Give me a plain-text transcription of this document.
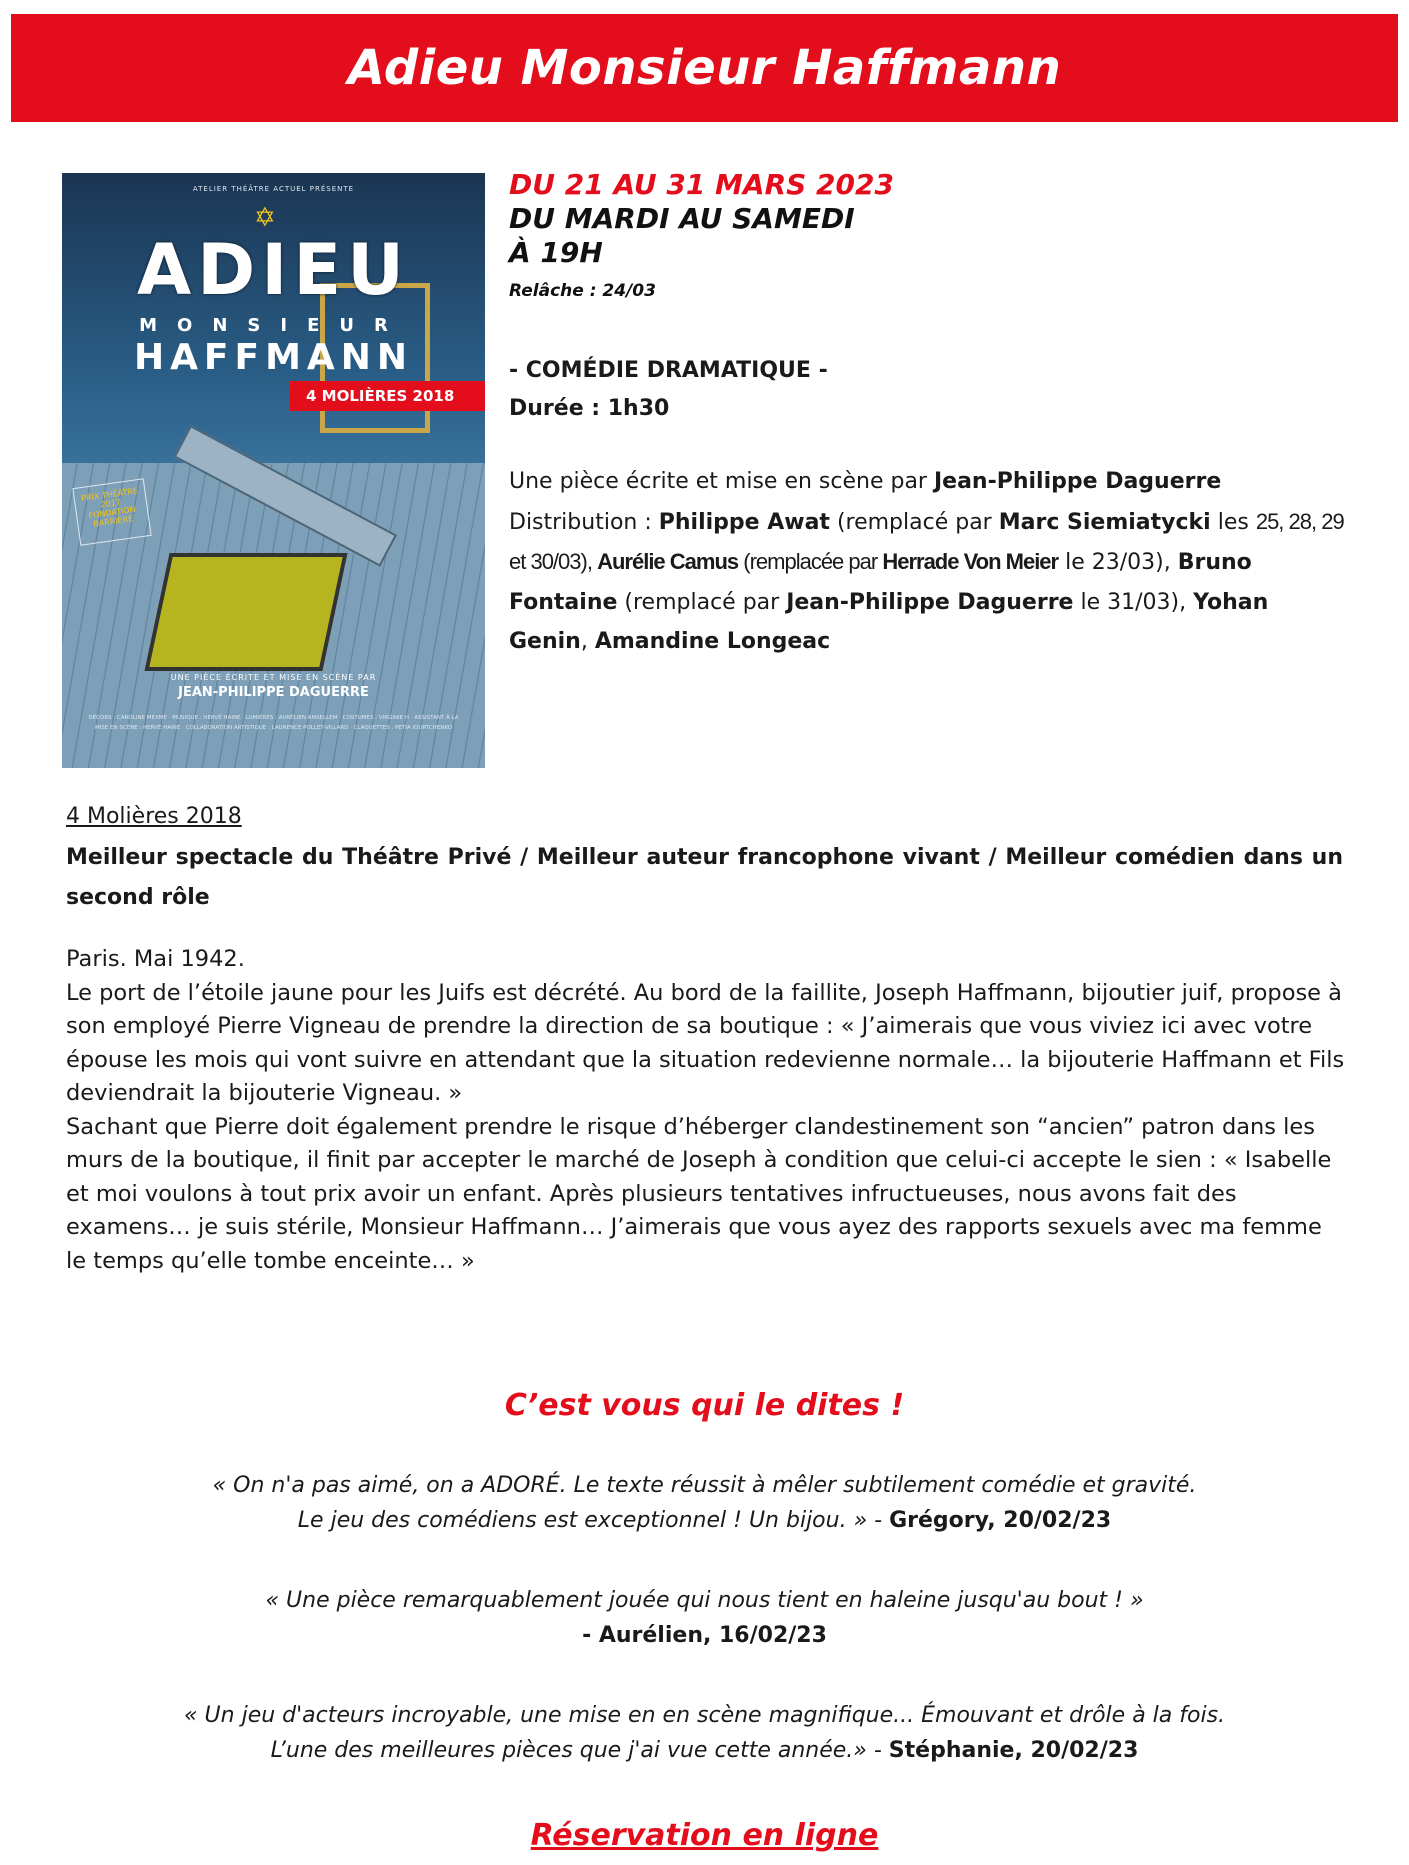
Adieu Monsieur Haffmann
ATELIER THÉÂTRE ACTUEL PRÉSENTE
✡
ADIEU
MONSIEUR
HAFFMANN
4 MOLIÈRES 2018
PRIX THÉÂTRE 2017 FONDATION BARRIÈRE
UNE PIÈCE ÉCRITE ET MISE EN SCÈNE PAR
JEAN-PHILIPPE DAGUERRE
DÉCORS : CAROLINE MEXME · MUSIQUE : HERVÉ HAINE · LUMIÈRES : AURÉLIEN AMSELLEM · COSTUMES : VIRGINIE H · ASSISTANT À LA MISE EN SCÈNE : HERVÉ HAINE · COLLABORATION ARTISTIQUE : LAURENCE POLLET-VILLARD · CLAQUETTES : PETIA IOURTCHENKO

DU 21 AU 31 MARS 2023

DU MARDI AU SAMEDI

À 19H

Relâche : 24/03

- COMÉDIE DRAMATIQUE -

Durée : 1h30

Une pièce écrite et mise en scène par Jean-Philippe Daguerre
Distribution : Philippe Awat (remplacé par Marc Siemiatycki les 25, 28, 29 et 30/03), Aurélie Camus (remplacée par Herrade Von Meier le 23/03), Bruno Fontaine (remplacé par Jean-Philippe Daguerre le 31/03), Yohan Genin, Amandine Longeac

4 Molières 2018

Meilleur spectacle du Théâtre Privé / Meilleur auteur francophone vivant / Meilleur comédien dans un second rôle

Paris. Mai 1942.

Le port de l’étoile jaune pour les Juifs est décrété. Au bord de la faillite, Joseph Haffmann, bijoutier juif, propose à son employé Pierre Vigneau de prendre la direction de sa boutique : « J’aimerais que vous viviez ici avec votre épouse les mois qui vont suivre en attendant que la situation redevienne normale… la bijouterie Haffmann et Fils deviendrait la bijouterie Vigneau. »

Sachant que Pierre doit également prendre le risque d’héberger clandestinement son “ancien” patron dans les murs de la boutique, il finit par accepter le marché de Joseph à condition que celui-ci accepte le sien : « Isabelle et moi voulons à tout prix avoir un enfant. Après plusieurs tentatives infructueuses, nous avons fait des examens… je suis stérile, Monsieur Haffmann… J’aimerais que vous ayez des rapports sexuels avec ma femme le temps qu’elle tombe enceinte… »

C’est vous qui le dites !

« On n'a pas aimé, on a ADORÉ. Le texte réussit à mêler subtilement comédie et gravité.
Le jeu des comédiens est exceptionnel ! Un bijou. » - Grégory, 20/02/23

« Une pièce remarquablement jouée qui nous tient en haleine jusqu'au bout ! »
- Aurélien, 16/02/23

« Un jeu d'acteurs incroyable, une mise en en scène magnifique... Émouvant et drôle à la fois.
L’une des meilleures pièces que j'ai vue cette année.» - Stéphanie, 20/02/23

Réservation en ligne
